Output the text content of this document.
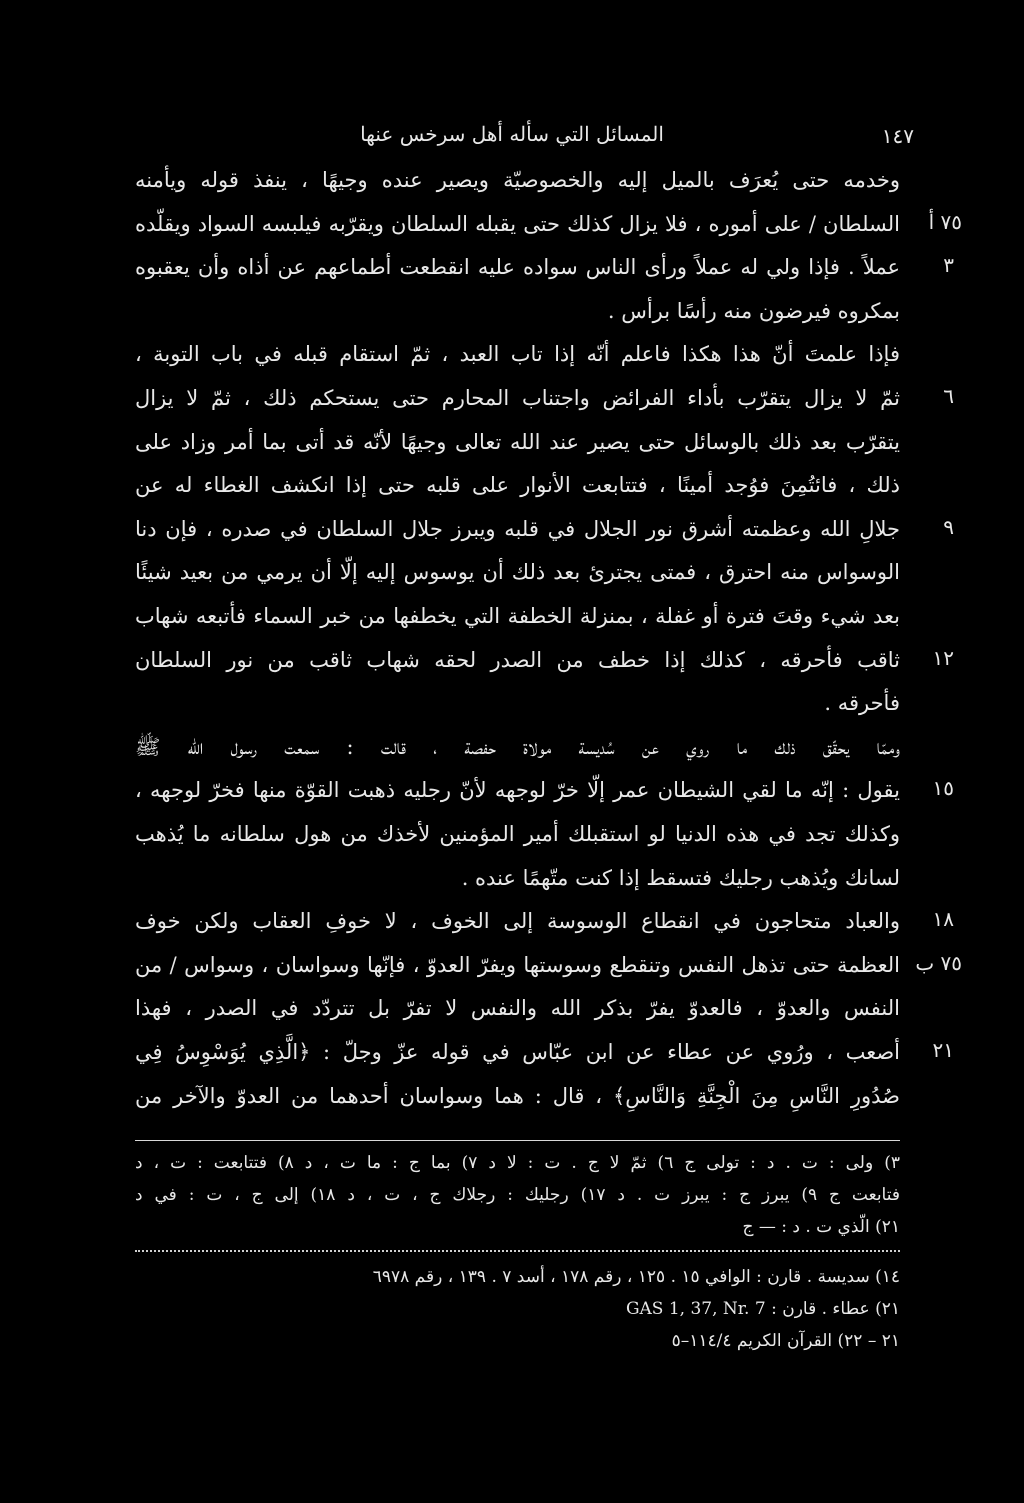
١٤٧
المسائل التي سأله أهل سرخس عنها
وخدمه حتى يُعرَف بالميل إليه والخصوصيّة ويصير عنده وجيهًا ، ينفذ قوله ويأمنه
السلطان / على أموره ، فلا يزال كذلك حتى يقبله السلطان ويقرّبه فيلبسه السواد ويقلّده ٧٥ أ
عملاً . فإذا ولي له عملاً ورأى الناس سواده عليه انقطعت أطماعهم عن أذاه وأن يعقبوه ٣
بمكروه فيرضون منه رأسًا برأس .
فإذا علمتَ أنّ هذا هكذا فاعلم أنّه إذا تاب العبد ، ثمّ استقام قبله في باب التوبة ،
ثمّ لا يزال يتقرّب بأداء الفرائض واجتناب المحارم حتى يستحكم ذلك ، ثمّ لا يزال ٦
يتقرّب بعد ذلك بالوسائل حتى يصير عند الله تعالى وجيهًا لأنّه قد أتى بما أمر وزاد على
ذلك ، فائتُمِنَ فوُجد أمينًا ، فتتابعت الأنوار على قلبه حتى إذا انكشف الغطاء له عن
جلالِ الله وعظمته أشرق نور الجلال في قلبه ويبرز جلال السلطان في صدره ، فإن دنا ٩
الوسواس منه احترق ، فمتى يجترئ بعد ذلك أن يوسوس إليه إلّا أن يرمي من بعيد شيئًا
بعد شيء وقتَ فترة أو غفلة ، بمنزلة الخطفة التي يخطفها من خبر السماء فأتبعه شهاب
ثاقب فأحرقه ، كذلك إذا خطف من الصدر لحقه شهاب ثاقب من نور السلطان ١٢
فأحرقه .
وممّا يحقّق ذلك ما روي عن سُديسة مولاة حفصة ، قالت : سمعت رسول الله ﷺ
يقول : إنّه ما لقي الشيطان عمر إلّا خرّ لوجهه لأنّ رجليه ذهبت القوّة منها فخرّ لوجهه ، ١٥
وكذلك تجد في هذه الدنيا لو استقبلك أمير المؤمنين لأخذك من هول سلطانه ما يُذهب
لسانك ويُذهب رجليك فتسقط إذا كنت متّهمًا عنده .
والعباد متحاجون في انقطاع الوسوسة إلى الخوف ، لا خوفِ العقاب ولكن خوف ١٨
العظمة حتى تذهل النفس وتنقطع وسوستها ويفرّ العدوّ ، فإنّها وسواسان ، وسواس / من ٧٥ ب
النفس والعدوّ ، فالعدوّ يفرّ بذكر الله والنفس لا تفرّ بل تتردّد في الصدر ، فهذا
أصعب ، ورُوي عن عطاء عن ابن عبّاس في قوله عزّ وجلّ : ﴿الَّذِي يُوَسْوِسُ فِي ٢١
صُدُورِ النَّاسِ مِنَ الْجِنَّةِ وَالنَّاسِ﴾ ، قال : هما وسواسان أحدهما من العدوّ والآخر من
٣) ولى : ت . د : تولى ج ٦) ثمّ لا ج . ت : لا د ٧) بما ج : ما ت ، د ٨) فتتابعت : ت ، د
فتابعت ج ٩) يبرز ج : يبرز ت . د ١٧) رجليك : رجلاك ج ، ت ، د ١٨) إلى ج ، ت : في د
٢١) الّذي ت . د : — ج
١٤) سديسة . قارن : الوافي ١٥ . ١٢٥ ، رقم ١٧٨ ، أسد ٧ . ١٣٩ ، رقم ٦٩٧٨
٢١) عطاء . قارن : GAS 1, 37, Nr. 7
٢١ – ٢٢) القرآن الكريم ١١٤/٤–٥
